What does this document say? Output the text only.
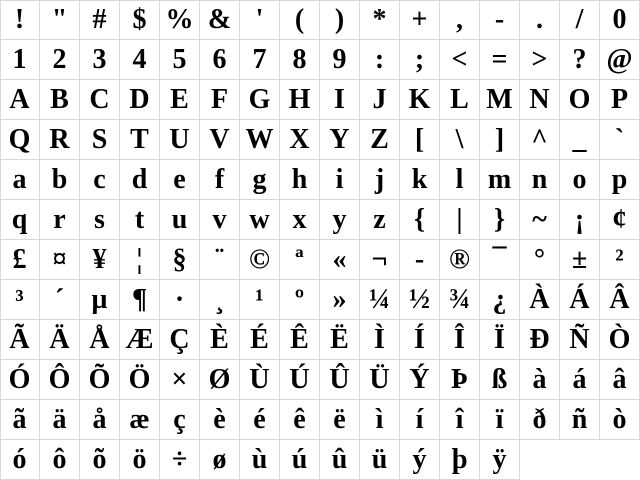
! " # $ % & '	(	)	* +	,	-	.	/	0
1 2 3 4 5 6 7 8 9	:	; < = > ? @
A B C D E F G H I J K L M N O P
Q R S T U V W X Y Z [	\	] ^ _	`
a b c d e	f	g h	i	j k	l m n o p
q r	s	t u v w x y z	{	|	} ~	¡	¢
£ ¤ ¥	¦	§	¨ © ª	« ¬ - ® ¯ ° ±	²
³	´ µ ¶ ·	¸	¹	º	» ¼ ½ ¾ ¿ À Á Â
Ã Ä Å Æ Ç È É Ê Ë Ì	Í	Î	Ï Ð Ñ Ò
Ó Ô Õ Ö × Ø Ù Ú Û Ü Ý Þ ß à á â
ã ä å æ ç è é ê ë	ì	í	î	ï	ð ñ ò
ó ô õ ö ÷ ø ù ú û ü ý þ ÿ
